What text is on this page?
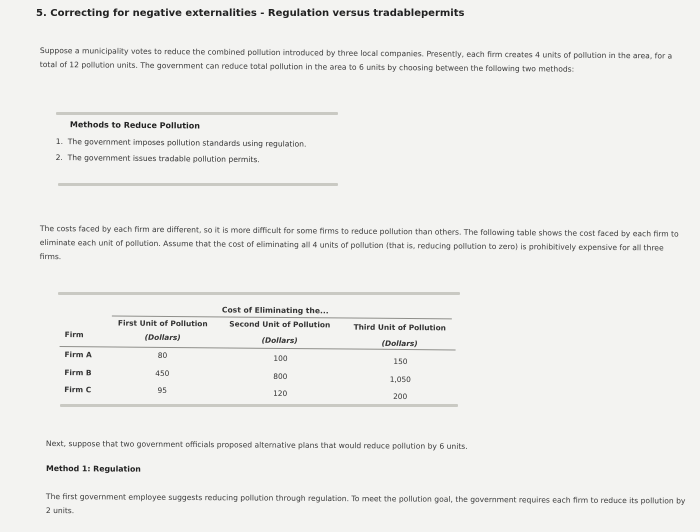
5. Correcting for negative externalities - Regulation versus tradablepermits
Suppose a municipality votes to reduce the combined pollution introduced by three local companies. Presently, each firm creates 4 units of pollution in the area, for a total of 12 pollution units. The government can reduce total pollution in the area to 6 units by choosing between the following two methods:
Methods to Reduce Pollution
1. The government imposes pollution standards using regulation.
2. The government issues tradable pollution permits.
The costs faced by each firm are different, so it is more difficult for some firms to reduce pollution than others. The following table shows the cost faced by each firm to eliminate each unit of pollution. Assume that the cost of eliminating all 4 units of pollution (that is, reducing pollution to zero) is prohibitively expensive for all three firms.
Cost of Eliminating the...
First Unit of Pollution	Second Unit of Pollution	Third Unit of Pollution
Firm	(Dollars)	(Dollars)	(Dollars)
Firm A	80	100	150
Firm B	450	800	1,050
Firm C	95	120	200
Next, suppose that two government officials proposed alternative plans that would reduce pollution by 6 units.
Method 1: Regulation
The first government employee suggests reducing pollution through regulation. To meet the pollution goal, the government requires each firm to reduce its pollution by 2 units.
